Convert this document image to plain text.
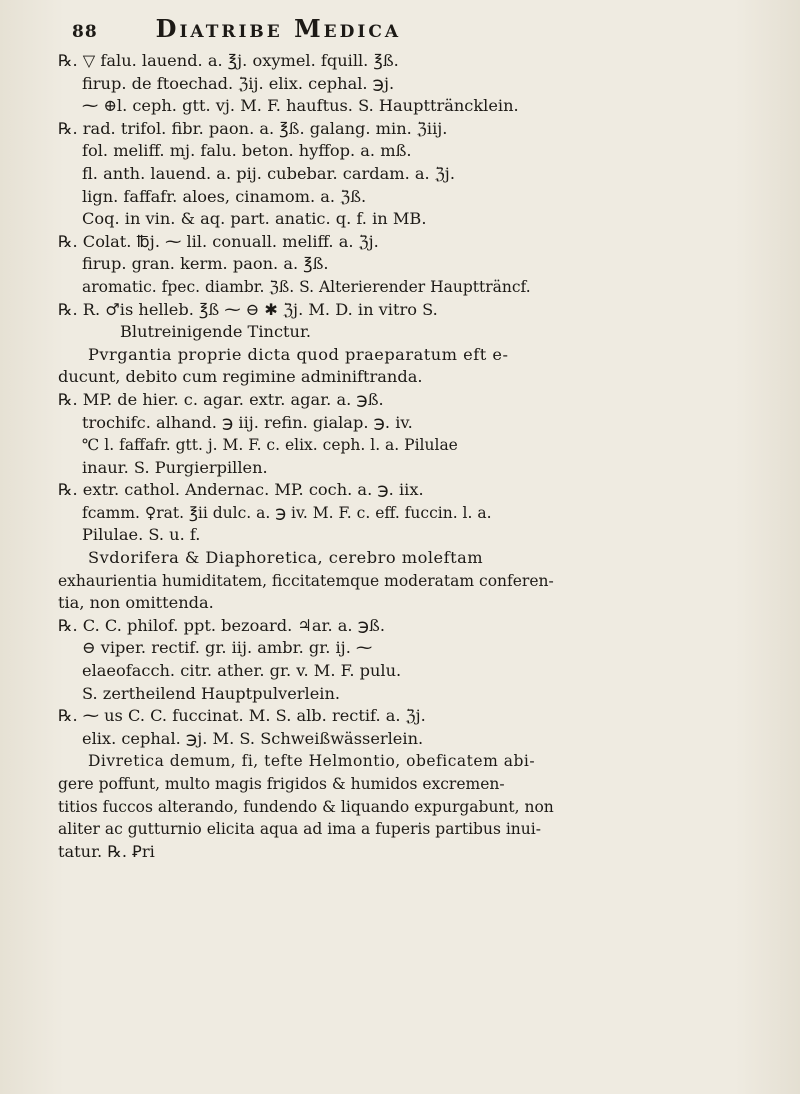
88 Diatribe Medica
℞. ▽ falu. lauend. a. ℥j. oxymel. fquill. ℥ß.
firup. de ftoechad. ℨij. elix. cephal. ℈j.
⁓ ⊕l. ceph. gtt. vj. M. F. hauftus. S. Hauptträncklein.
℞. rad. trifol. fibr. paon. a. ℥ß. galang. min. ℨiij.
fol. meliff. mj. falu. beton. hyffop. a. mß.
fl. anth. lauend. a. pij. cubebar. cardam. a. ℨj.
lign. faffafr. aloes, cinamom. a. ℨß.
Coq. in vin. & aq. part. anatic. q. f. in MB.
℞. Colat. ℔j. ⁓ lil. conuall. meliff. a. ℨj.
firup. gran. kerm. paon. a. ℥ß.
aromatic. fpec. diambr. ℨß. S. Alterierender Hauptträncf.
℞. R. ♂is helleb. ℥ß ⁓ ⊖ ✱ ℨj. M. D. in vitro S.
Blutreinigende Tinctur.
Pvrgantia proprie dicta quod praeparatum eft e-
ducunt, debito cum regimine adminiftranda.
℞. MP. de hier. c. agar. extr. agar. a. ℈ß.
trochifc. alhand. ℈ iij. refin. gialap. ℈. iv.
℃ l. faffafr. gtt. j. M. F. c. elix. ceph. l. a. Pilulae
inaur. S. Purgierpillen.
℞. extr. cathol. Andernac. MP. coch. a. ℈. iix.
fcamm. ♀rat. ℥ii dulc. a. ℈ iv. M. F. c. eff. fuccin. l. a.
Pilulae. S. u. f.
Svdorifera & Diaphoretica, cerebro moleftam
exhaurientia humiditatem, ficcitatemque moderatam conferen-
tia, non omittenda.
℞. C. C. philof. ppt. bezoard. ♃ar. a. ℈ß.
⊖ viper. rectif. gr. iij. ambr. gr. ij. ⁓
elaeofacch. citr. ather. gr. v. M. F. pulu.
S. zertheilend Hauptpulverlein.
℞. ⁓ us C. C. fuccinat. M. S. alb. rectif. a. ℨj.
elix. cephal. ℈j. M. S. Schweißwässerlein.
Divretica demum, fi, tefte Helmontio, obeficatem abi-
gere poffunt, multo magis frigidos & humidos excremen-
titios fuccos alterando, fundendo & liquando expurgabunt, non
aliter ac gutturnio elicita aqua ad ima a fuperis partibus inui-
tatur. ℞. Ꝑri
